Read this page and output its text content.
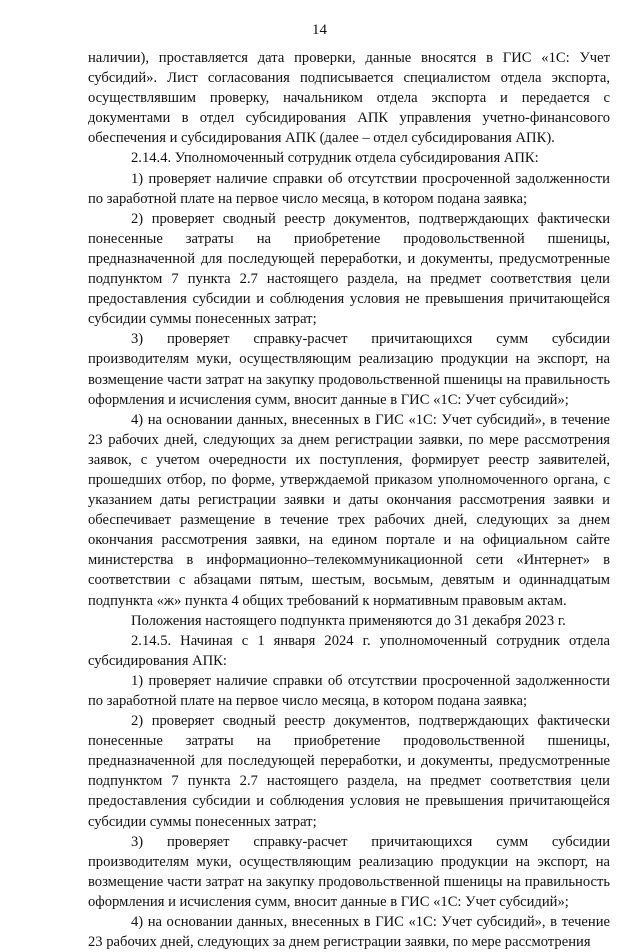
14

наличии), проставляется дата проверки, данные вносятся в ГИС «1С: Учет субсидий». Лист согласования подписывается специалистом отдела экспорта, осуществлявшим проверку, начальником отдела экспорта и передается с документами в отдел субсидирования АПК управления учетно-финансового обеспечения и субсидирования АПК (далее – отдел субсидирования АПК).

2.14.4. Уполномоченный сотрудник отдела субсидирования АПК:

1) проверяет наличие справки об отсутствии просроченной задолженности по заработной плате на первое число месяца, в котором подана заявка;

2) проверяет сводный реестр документов, подтверждающих фактически понесенные затраты на приобретение продовольственной пшеницы, предназначенной для последующей переработки, и документы, предусмотренные подпунктом 7 пункта 2.7 настоящего раздела, на предмет соответствия цели предоставления субсидии и соблюдения условия не превышения причитающейся субсидии суммы понесенных затрат;

3) проверяет справку-расчет причитающихся сумм субсидии производителям муки, осуществляющим реализацию продукции на экспорт, на возмещение части затрат на закупку продовольственной пшеницы на правильность оформления и исчисления сумм, вносит данные в ГИС «1С: Учет субсидий»;

4) на основании данных, внесенных в ГИС «1С: Учет субсидий», в течение 23 рабочих дней, следующих за днем регистрации заявки, по мере рассмотрения заявок, с учетом очередности их поступления, формирует реестр заявителей, прошедших отбор, по форме, утверждаемой приказом уполномоченного органа, с указанием даты регистрации заявки и даты окончания рассмотрения заявки и обеспечивает размещение в течение трех рабочих дней, следующих за днем окончания рассмотрения заявки, на едином портале и на официальном сайте министерства в информационно–телекоммуникационной сети «Интернет» в соответствии с абзацами пятым, шестым, восьмым, девятым и одиннадцатым подпункта «ж» пункта 4 общих требований к нормативным правовым актам.

Положения настоящего подпункта применяются до 31 декабря 2023 г.

2.14.5. Начиная с 1 января 2024 г. уполномоченный сотрудник отдела субсидирования АПК:

1) проверяет наличие справки об отсутствии просроченной задолженности по заработной плате на первое число месяца, в котором подана заявка;

2) проверяет сводный реестр документов, подтверждающих фактически понесенные затраты на приобретение продовольственной пшеницы, предназначенной для последующей переработки, и документы, предусмотренные подпунктом 7 пункта 2.7 настоящего раздела, на предмет соответствия цели предоставления субсидии и соблюдения условия не превышения причитающейся субсидии суммы понесенных затрат;

3) проверяет справку-расчет причитающихся сумм субсидии производителям муки, осуществляющим реализацию продукции на экспорт, на возмещение части затрат на закупку продовольственной пшеницы на правильность оформления и исчисления сумм, вносит данные в ГИС «1С: Учет субсидий»;

4) на основании данных, внесенных в ГИС «1С: Учет субсидий», в течение 23 рабочих дней, следующих за днем регистрации заявки, по мере рассмотрения
